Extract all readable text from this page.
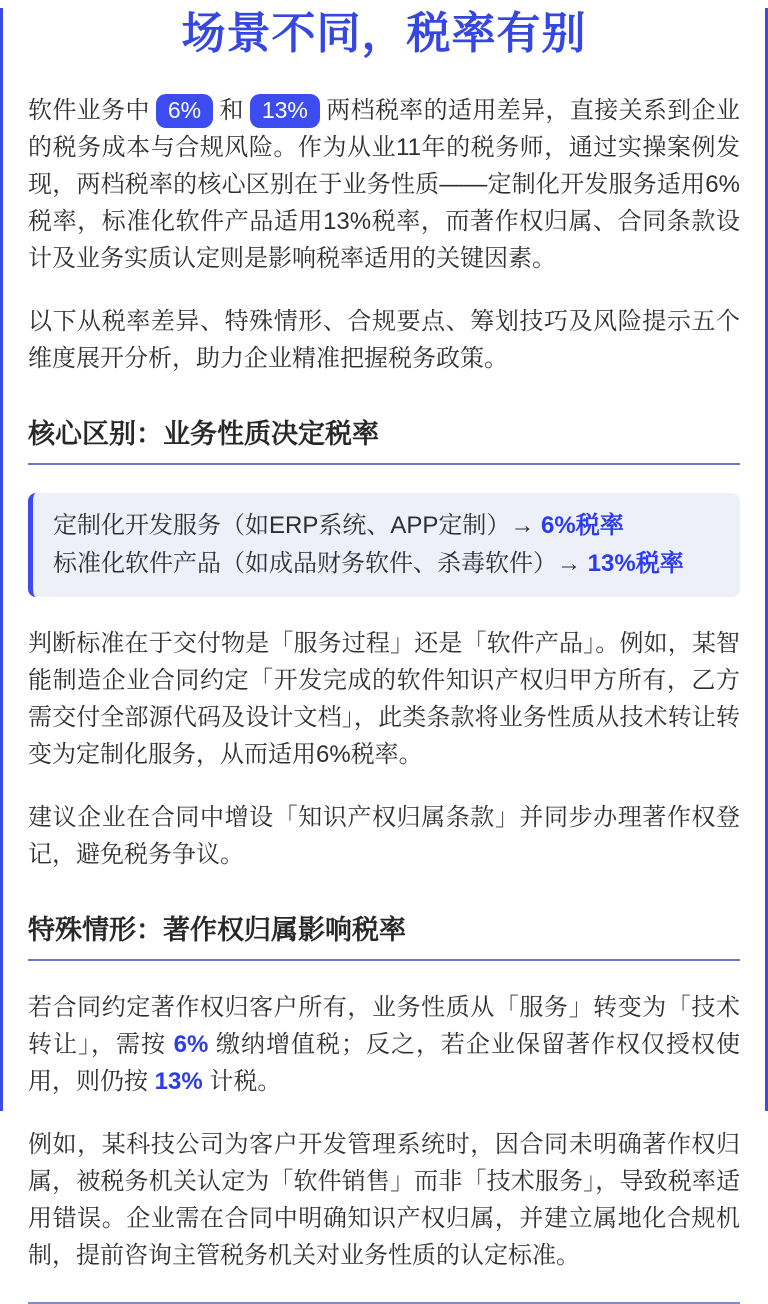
场景不同，税率有别

软件业务中 6% 和 13% 两档税率的适用差异，直接关系到企业的税务成本与合规风险。作为从业11年的税务师，通过实操案例发现，两档税率的核心区别在于业务性质——定制化开发服务适用6%税率，标准化软件产品适用13%税率，而著作权归属、合同条款设计及业务实质认定则是影响税率适用的关键因素。

以下从税率差异、特殊情形、合规要点、筹划技巧及风险提示五个维度展开分析，助力企业精准把握税务政策。

核心区别：业务性质决定税率

定制化开发服务（如ERP系统、APP定制）→ 6%税率

标准化软件产品（如成品财务软件、杀毒软件）→ 13%税率

判断标准在于交付物是「服务过程」还是「软件产品」。例如，某智能制造企业合同约定「开发完成的软件知识产权归甲方所有，乙方需交付全部源代码及设计文档」，此类条款将业务性质从技术转让转变为定制化服务，从而适用6%税率。

建议企业在合同中增设「知识产权归属条款」并同步办理著作权登记，避免税务争议。

特殊情形：著作权归属影响税率

若合同约定著作权归客户所有，业务性质从「服务」转变为「技术转让」，需按 6% 缴纳增值税；反之，若企业保留著作权仅授权使用，则仍按 13% 计税。

例如，某科技公司为客户开发管理系统时，因合同未明确著作权归属，被税务机关认定为「软件销售」而非「技术服务」，导致税率适用错误。企业需在合同中明确知识产权归属，并建立属地化合规机制，提前咨询主管税务机关对业务性质的认定标准。
